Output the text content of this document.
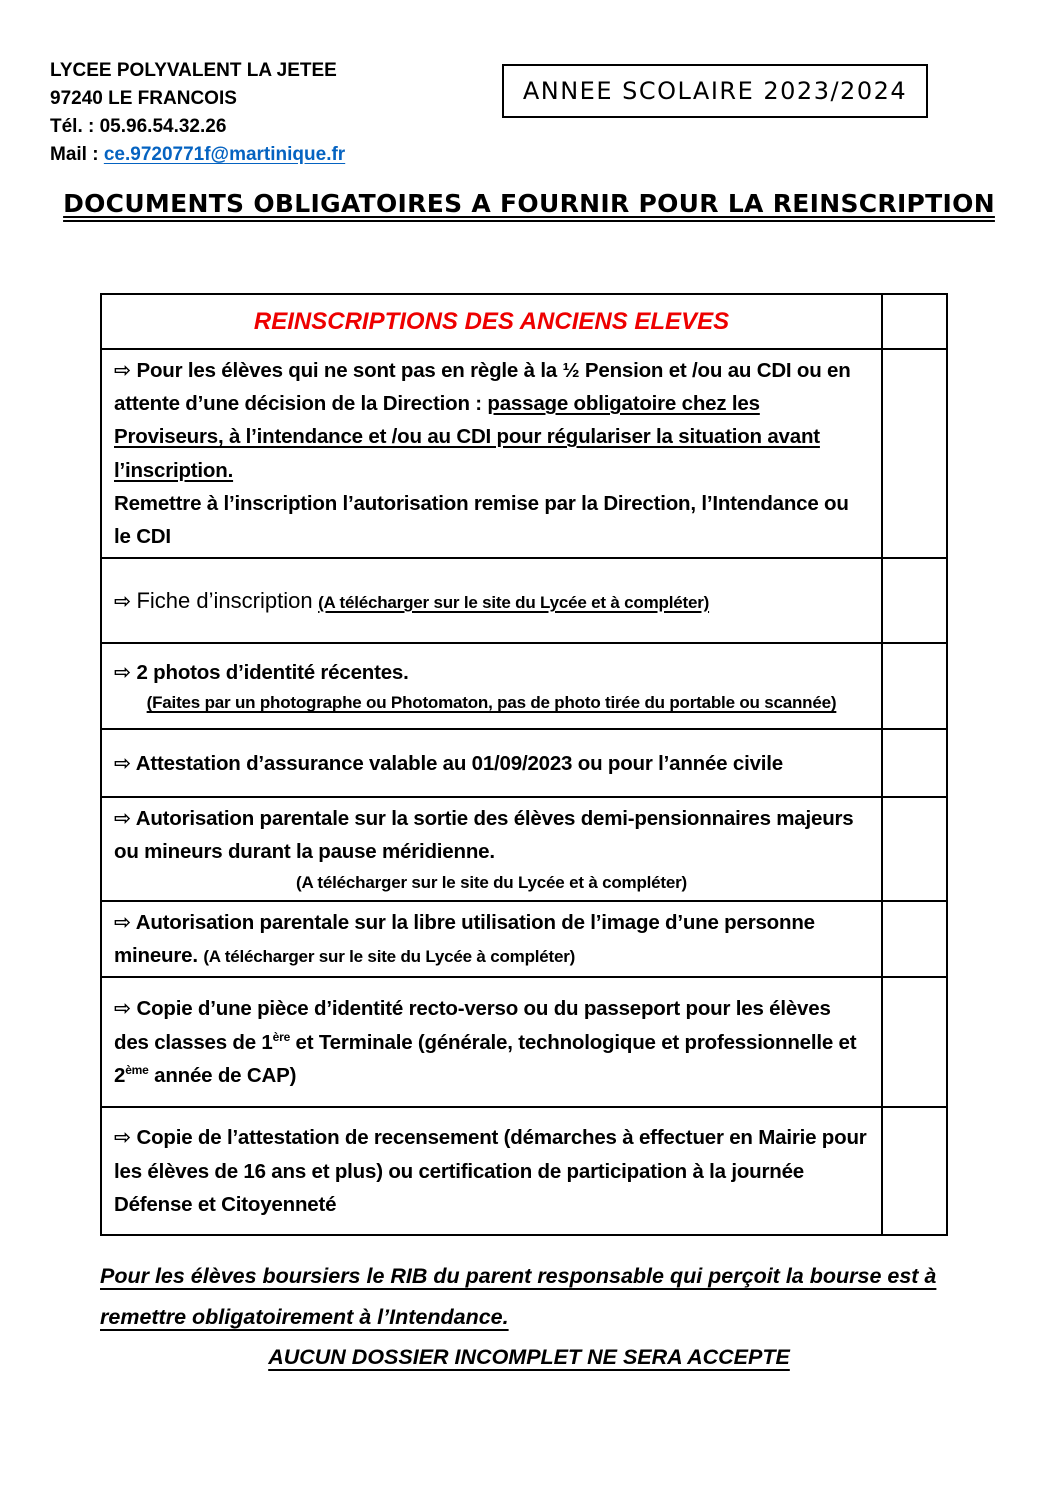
LYCEE POLYVALENT LA JETEE
97240 LE FRANCOIS
Tél. : 05.96.54.32.26
Mail : ce.9720771f@martinique.fr
ANNEE SCOLAIRE 2023/2024
DOCUMENTS OBLIGATOIRES A FOURNIR POUR LA REINSCRIPTION
REINSCRIPTIONS DES ANCIENS ELEVES	
⇨ Pour les élèves qui ne sont pas en règle à la ½ Pension et /ou au CDI ou en attente d’une décision de la Direction : passage obligatoire chez les Proviseurs, à l’intendance et /ou au CDI pour régulariser la situation avant l’inscription.
Remettre à l’inscription l’autorisation remise par la Direction, l’Intendance ou le CDI	
⇨ Fiche d’inscription (A télécharger sur le site du Lycée et à compléter)	
⇨ 2 photos d’identité récentes.
(Faites par un photographe ou Photomaton, pas de photo tirée du portable ou scannée)	

⇨ Attestation d’assurance valable au 01/09/2023 ou pour l’année civile	
⇨ Autorisation parentale sur la sortie des élèves demi-pensionnaires majeurs ou mineurs durant la pause méridienne.
(A télécharger sur le site du Lycée et à compléter)	

⇨ Autorisation parentale sur la libre utilisation de l’image d’une personne mineure. (A télécharger sur le site du Lycée à compléter)	
⇨ Copie d’une pièce d’identité recto-verso ou du passeport pour les élèves des classes de 1ère et Terminale (générale, technologique et professionnelle et 2ème année de CAP)	
⇨ Copie de l’attestation de recensement (démarches à effectuer en Mairie pour les élèves de 16 ans et plus) ou certification de participation à la journée Défense et Citoyenneté	
Pour les élèves boursiers le RIB du parent responsable qui perçoit la bourse est à remettre obligatoirement à l’Intendance.
AUCUN DOSSIER INCOMPLET NE SERA ACCEPTE
